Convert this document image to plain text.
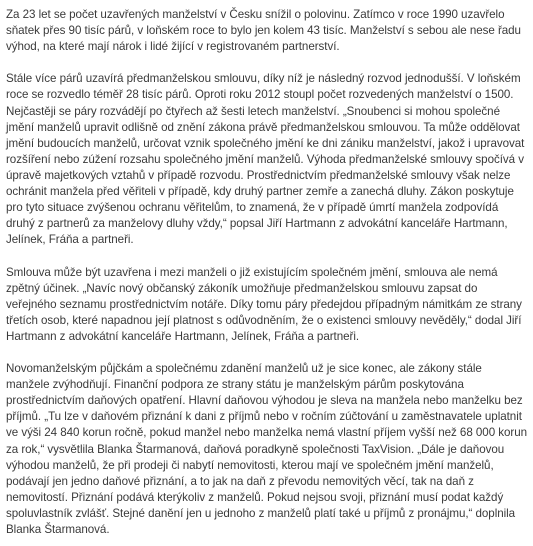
Za 23 let se počet uzavřených manželství v Česku snížil o polovinu. Zatímco v roce 1990 uzavřelo sňatek přes 90 tisíc párů, v loňském roce to bylo jen kolem 43 tisíc. Manželství s sebou ale nese řadu výhod, na které mají nárok i lidé žijící v registrovaném partnerství.

Stále více párů uzavírá předmanželskou smlouvu, díky níž je následný rozvod jednodušší. V loňském roce se rozvedlo téměř 28 tisíc párů. Oproti roku 2012 stoupl počet rozvedených manželství o 1500. Nejčastěji se páry rozvádějí po čtyřech až šesti letech manželství. „Snoubenci si mohou společné jmění manželů upravit odlišně od znění zákona právě předmanželskou smlouvou. Ta může oddělovat jmění budoucích manželů, určovat vznik společného jmění ke dni zániku manželství, jakož i upravovat rozšíření nebo zúžení rozsahu společného jmění manželů. Výhoda předmanželské smlouvy spočívá v úpravě majetkových vztahů v případě rozvodu. Prostřednictvím předmanželské smlouvy však nelze ochránit manžela před věřiteli v případě, kdy druhý partner zemře a zanechá dluhy. Zákon poskytuje pro tyto situace zvýšenou ochranu věřitelům, to znamená, že v případě úmrtí manžela zodpovídá druhý z partnerů za manželovy dluhy vždy,“ popsal Jiří Hartmann z advokátní kanceláře Hartmann, Jelínek, Fráňa a partneři.

Smlouva může být uzavřena i mezi manželi o již existujícím společném jmění, smlouva ale nemá zpětný účinek. „Navíc nový občanský zákoník umožňuje předmanželskou smlouvu zapsat do veřejného seznamu prostřednictvím notáře. Díky tomu páry předejdou případným námitkám ze strany třetích osob, které napadnou její platnost s odůvodněním, že o existenci smlouvy nevěděly,“ dodal Jiří Hartmann z advokátní kanceláře Hartmann, Jelínek, Fráňa a partneři.

Novomanželským půjčkám a společnému zdanění manželů už je sice konec, ale zákony stále manžele zvýhodňují. Finanční podpora ze strany státu je manželským párům poskytována prostřednictvím daňových opatření. Hlavní daňovou výhodou je sleva na manžela nebo manželku bez příjmů. „Tu lze v daňovém přiznání k dani z příjmů nebo v ročním zúčtování u zaměstnavatele uplatnit ve výši 24 840 korun ročně, pokud manžel nebo manželka nemá vlastní příjem vyšší než 68 000 korun za rok,“ vysvětlila Blanka Štarmanová, daňová poradkyně společnosti TaxVision. „Dále je daňovou výhodou manželů, že při prodeji či nabytí nemovitosti, kterou mají ve společném jmění manželů, podávají jen jedno daňové přiznání, a to jak na daň z převodu nemovitých věcí, tak na daň z nemovitostí. Přiznání podává kterýkoliv z manželů. Pokud nejsou svoji, přiznání musí podat každý spoluvlastník zvlášť. Stejné danění jen u jednoho z manželů platí také u příjmů z pronájmu,“ doplnila Blanka Štarmanová.
